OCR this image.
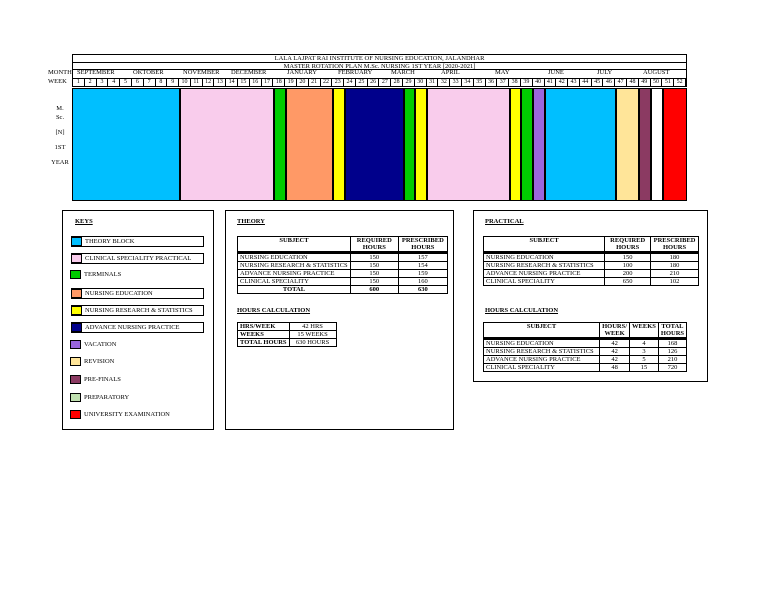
LALA LAJPAT RAI INSTITUTE OF NURSING EDUCATION, JALANDHAR
MASTER ROTATION PLAN M.Sc. NURSING 1ST YEAR [2020-2021]
MONTH
WEEK
SEPTEMBER	OKTOBER	NOVEMBER DECEMBER	JANUARY	FEBRUARY	MARCH	APRIL	MAY	JUNE	JULY	AUGUST
1	2	3	4	5	6	7	8	9	10 11 12 13 14 15 16 17 18 19 20 21 22 23 24 25 26 27 28 29 30 31 32 33 34 35 36 37 38 39 40 41 42 43 44 45 46 47 48 49 50 51 52
M.
Sc.
[N]
1ST
YEAR
KEYS
THEORY BLOCK
CLINICAL SPECIALITY PRACTICAL
TERMINALS
NURSING EDUCATION
NURSING RESEARCH & STATISTICS
ADVANCE NURSING PRACTICE
VACATION
REVISION
PRE-FINALS
PREPARATORY
UNIVERSITY EXAMINATION
THEORY
SUBJECT	REQUIRED HOURS	PRESCRIBED HOURS
NURSING EDUCATION	150	157
NURSING RESEARCH & STATISTICS	150	154
ADVANCE NURSING PRACTICE	150	159
CLINICAL SPECIALITY	150	160
TOTAL	600	630
HOURS CALCULATION
HRS/WEEK	42 HRS
WEEKS	15 WEEKS
TOTAL HOURS	630 HOURS
PRACTICAL
SUBJECT	REQUIRED HOURS	PRESCRIBED HOURS
NURSING EDUCATION	150	180
NURSING RESEARCH & STATISTICS	100	180
ADVANCE NURSING PRACTICE	200	210
CLINICAL SPECIALITY	650	102
HOURS CALCULATION
SUBJECT	HOURS/ WEEK	WEEKS	TOTAL HOURS
NURSING EDUCATION	42	4	168
NURSING RESEARCH & STATISTICS	42	3	126
ADVANCE NURSING PRACTICE	42	5	210
CLINICAL SPECIALITY	48	15	720
